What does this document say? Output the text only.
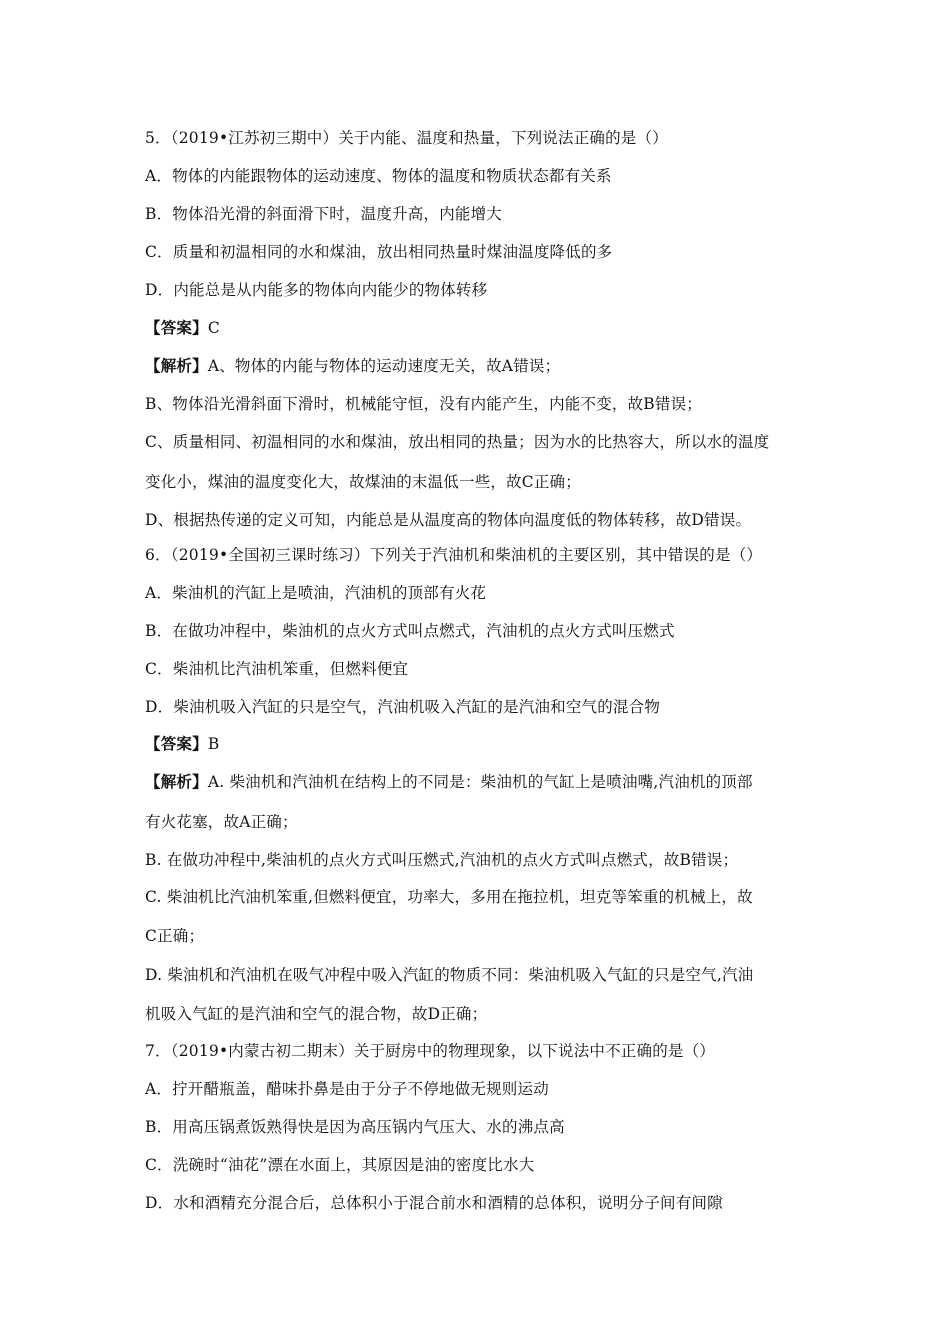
5．（2019•江苏初三期中）关于内能、温度和热量，下列说法正确的是（）
A．物体的内能跟物体的运动速度、物体的温度和物质状态都有关系
B．物体沿光滑的斜面滑下时，温度升高，内能增大
C．质量和初温相同的水和煤油，放出相同热量时煤油温度降低的多
D．内能总是从内能多的物体向内能少的物体转移
【答案】C
【解析】A、物体的内能与物体的运动速度无关，故A错误；
B、物体沿光滑斜面下滑时，机械能守恒，没有内能产生，内能不变，故B错误；
C、质量相同、初温相同的水和煤油，放出相同的热量；因为水的比热容大，所以水的温度
变化小，煤油的温度变化大，故煤油的末温低一些，故C正确；
D、根据热传递的定义可知，内能总是从温度高的物体向温度低的物体转移，故D错误。
6．（2019•全国初三课时练习）下列关于汽油机和柴油机的主要区别，其中错误的是（）
A．柴油机的汽缸上是喷油，汽油机的顶部有火花
B．在做功冲程中，柴油机的点火方式叫点燃式，汽油机的点火方式叫压燃式
C．柴油机比汽油机笨重，但燃料便宜
D．柴油机吸入汽缸的只是空气，汽油机吸入汽缸的是汽油和空气的混合物
【答案】B
【解析】A. 柴油机和汽油机在结构上的不同是：柴油机的气缸上是喷油嘴,汽油机的顶部
有火花塞，故A正确；
B. 在做功冲程中,柴油机的点火方式叫压燃式,汽油机的点火方式叫点燃式，故B错误；
C. 柴油机比汽油机笨重,但燃料便宜，功率大，多用在拖拉机，坦克等笨重的机械上，故
C正确；
D. 柴油机和汽油机在吸气冲程中吸入汽缸的物质不同：柴油机吸入气缸的只是空气,汽油
机吸入气缸的是汽油和空气的混合物，故D正确；
7．（2019•内蒙古初二期末）关于厨房中的物理现象，以下说法中不正确的是（）
A．拧开醋瓶盖，醋味扑鼻是由于分子不停地做无规则运动
B．用高压锅煮饭熟得快是因为高压锅内气压大、水的沸点高
C．洗碗时“油花”漂在水面上，其原因是油的密度比水大
D．水和酒精充分混合后，总体积小于混合前水和酒精的总体积，说明分子间有间隙
